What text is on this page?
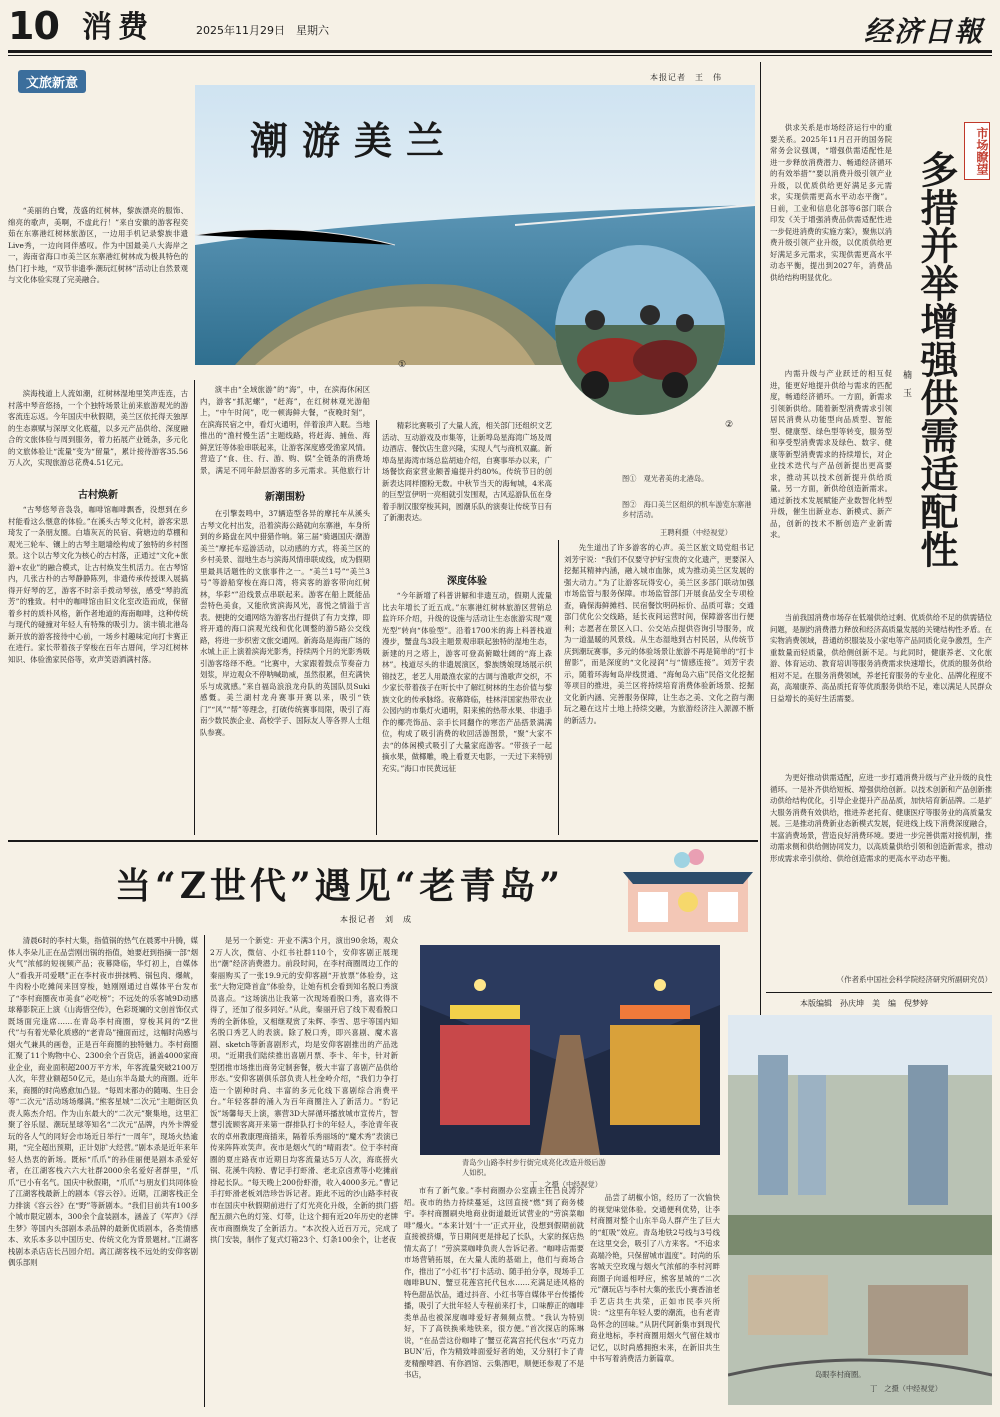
10 消费	2025年11月29日　星期六	经济日報
文旅新意	本报记者　王　伟
潮游美兰
①
②
“美丽的白鹭，茂盛的红树林，黎族漂亮的服饰、绵亮的歌声，美啊，不虚此行！”来自安徽的游客程奕茹在东寨港红树林旅游区，一边用手机记录黎族非遗Live秀，一边向同伴感叹。作为中国最美八大海岸之一，海南省海口市美兰区东寨港红树林成为极具特色的热门打卡地，“双节非遗季·潮玩红树林”活动让自然景观与文化体验实现了完美融合。
滨海栈道上人流如潮，红树林湿地里笑声连连，古村落中琴音悠扬，一个个独特场景让前来旅游观光的游客流连忘返。今年国庆中秋假期，美兰区依托得天独厚的生态禀赋与深厚文化底蕴，以多元产品供给、深度融合的文旅体验与周到服务，着力拓展产业链条，多元化的文旅体验让“流量”变为“留量”，累计接待游客35.56万人次，实现旅游总花费4.51亿元。
古村焕新
“古琴悠琴音袅袅，咖啡馆咖啡飘香，没想到在乡村能看这么惬意的体验。”在溪头古琴文化村，游客宋思琦发了一条朋友圈。白墙灰瓦的民宿、荷塘边的草棚和观光三轮车、镶上的古琴主题墙绘构成了独特的乡村图景。这个以古琴文化为核心的古村落，正通过“文化+旅游+农业”的融合模式，让古村焕发生机活力。在古琴馆内，几张古朴的古琴静静陈列，非遗传承传授课入展搞得开好琴的艺，游客不时亲手拨动琴弦，感受“琴韵流芳”的雅致。村中的咖啡馆由旧文化室改造而成，保留着乡村的质朴风格，新作者地道的海南咖啡，这种传统与现代的碰撞对年轻人有特殊的吸引力。演丰镇北港岛新开放的游客接待中心前，一场乡村趣味定向打卡赛正在进行。家长带着孩子穿梭在百年古厝间，学习红树林知识、体验渔家民俗等，欢声笑语洒满村落。
演丰由“全域旅游”的“海”，中，在滨海休闲区内，游客“抓泥螺”，“赶海”，在红树林观光游船上，“中午时间”，吃一顿海鲜大餐，“夜晚时刻”，在滨海民宿之中，看灯火通明，伴着浪声入眠。当地推出的“渔村慢生活”主题线路，将赶海、捕鱼、海鲜烹饪等体验串联起来，让游客深度感受渔家风情。营造了“食、住、行、游、购、娱”全链条的消费场景，满足不同年龄层游客的多元需求。其他旅行计
新潮围粉
在引擎轰鸣中，37辆造型各异的摩托车从溪头古琴文化村出发，沿着滨海公路就向东寨港，车身所到的乡路盘在风中猎猎作响。第三届“骑遇国庆·潮游美兰”摩托车巡游活动，以动感的方式，将美兰区的乡村美景、湿地生态与滨海风情串联成线，成为假期里最具话题性的文旅事件之一。“美兰1号”“美兰3号”等游船穿梭在海口湾，将宾客的游客带向红树林，华彩“”沿线景点串联起来。游客在船上既能品尝特色美食，又能欣赏滨海风光，喜悦之情溢于言表。便捷的交通网络为游客出行提供了有力支撑，即将开通的海口滨观光线和优化调整的游5路公交线路，将进一步织密文旅交通网。新海岛是海南广场的水城上正上演着滨海光影秀，持续两个月的光影秀吸引游客络绎不绝。“比赛中，大家跟着鼓点节奏奋力划浆，岸边观众不停呐喊助威，虽然很累，但充满快乐与成就感。”来自福岛浪浪龙舟队的英国队员Suki感慨。美兰湖村龙舟赛事开赛以来，吸引“铁门”“风”“帮”等理念，打破传统赛事局限，吸引了海南少数民族企业、高校学子、国际友人等各界人士组队参赛。
精彩比赛吸引了大量人流，相关部门还组织文艺活动、互动游戏及市集等，让新埠岛星海湾广场及周边酒店、餐饮店生意兴隆，实现人气与商机双赢。新埠岛星海湾市场总监胡迪介绍，自赛事举办以来，广场餐饮商家营业额普遍提升约80%。传统节日的创新表达同样圈粉无数。中秋节当天的海甸城，4米高的巨型宣伊明一亮相就引发围观，古风巡游队伍在身着手制汉服穿梭其间，圆潮乐队的演奏让传统节日有了新潮表达。
深度体验
“今年新增了科普讲解和非遗互动，假期人流量比去年增长了近五成。”东寨港红树林旅游区营销总监许环介绍，升级的设施与活动让生态旅游实现“观光型”转向“体验型”。沿着1700米的海上科普栈道漫步，蟹盘鸟3段主题景观串联起独特的湿地生态，新建的月之塔上，游客可登高俯瞰壮阔的“海上森林”。栈道尽头的非遗展演区，黎族绣娘现场展示织锦技艺，老艺人用最渔农家的古调与渔歌声交织，不少家长带着孩子在听长中了解红树林的生态价值与黎族文化的传承脉络。夜幕降临，桂林洋国家热带农业公园内的市集灯火通明，阳来熊的热带水果、非遗手作的椰壳饰品、亲手长同翻作的寒峦产品搭景满满位，构成了吸引消费的收回活游图景，“聚”大家不去“的体闲模式吸引了大量家庭游客。“带孩子一起摘水果，做椰雕，晚上看夏天电影，一天过下来特别充实。”海口市民黄远征
图①　观光者美的北港岛。
图②　海口美兰区组织的机车游览东寨港乡村活动。
王聘利摄（中经视觉）
先生道出了许多游客的心声。美兰区旅文局党组书记刘芳宇说：“我们不仅要守护好宝贵的文化遗产，更要深入挖掘其精神内涵，融入城市血脉，成为推动美兰区发展的强大动力。”为了让游客玩得安心，美兰区多部门联动加强市场监管与服务保障。市场监管部门开展食品安全专项检查，确保海鲜摊档、民宿餐饮明码标价、品质可靠；交通部门优化公交线路，延长夜间运营时间，保障游客出行便利；志愿者在景区入口、公交站点提供咨询引导服务，成为一道温暖的风景线。从生态湿地到古村民居，从传统节庆到潮玩赛事，多元的体验场景让旅游不再是简单的“打卡留影”，而是深度的“文化浸润”与“情感连接”。刘芳宇表示，随着环海甸岛岸线贯通、“海甸岛六庙”民俗文化挖掘等项目的推进，美兰区将持续培育消费体验新场景、挖掘文化新内涵、完善服务保障，让生态之美、文化之韵与潮玩之趣在这片土地上持续交融，为旅游经济注入源源不断的新活力。
市场瞭望
多措并举增强供需适配性
楠　玉
供求关系是市场经济运行中的重要关系。2025年11月召开的国务院常务会议强调，“增强供需适配性是进一步释放消费潜力、畅通经济循环的有效举措”“要以消费升级引领产业升级，以优质供给更好满足多元需求，实现供需更高水平动态平衡”。日前，工业和信息化部等6部门联合印发《关于增强消费品供需适配性进一步促进消费的实施方案》，聚焦以消费升级引领产业升级，以优质供给更好满足多元需求，实现供需更高水平动态平衡，提出到2027年，消费品供给结构明显优化。
内需升级与产业跃迁的相互促进，能更好地提升供给与需求的匹配度，畅通经济循环。一方面，新需求引领新供给。随着新型消费需求引领居民消费从功能型向品质型、智能型、健康型、绿色型等转变，服务型和享受型消费需求及绿色、数字、健康等新型消费需求的持续增长，对企业技术迭代与产品创新提出更高要求，推动其以技术创新提升供给质量。另一方面，新供给创造新需求。通过新技术发展赋能产业数智化转型升级，催生出新业态、新模式、新产品，创新的技术不断创造产业新需求。
当前我国消费市场存在低端供给过剩、优质供给不足的供需错位问题，是制约消费潜力释放和经济高质量发展的关键结构性矛盾。在实物消费领域，普通纺织服装及小家电等产品同质化竞争激烈，生产重数量而轻质量，供给侧创新不足。与此同时，健康养老、文化旅游、体育运动、教育培训等服务消费需求快速增长，优质的服务供给相对不足。在服务消费领域，养老托育服务的专业化、品牌化程度不高，高端康养、高品质托育等优质服务供给不足，难以满足人民群众日益增长的美好生活需要。
为更好推动供需适配，应进一步打通消费升级与产业升级的良性循环。一是补齐供给短板、增强供给创新。以技术创新和产品创新推动供给结构优化，引导企业提升产品品质，加快培育新品牌。二是扩大服务消费有效供给，推进养老托育、健康医疗等服务业的高质量发展。三是推动消费新业态新模式发展，促进线上线下消费深度融合，丰富消费场景，营造良好消费环境。要进一步完善供需对接机制，推动需求侧和供给侧协同发力，以高质量供给引领和创造新需求，推动形成需求牵引供给、供给创造需求的更高水平动态平衡。
（作者系中国社会科学院经济研究所副研究员）
本版编辑　孙庆坤　美　编　倪梦婷
当“Z世代”遇见“老青岛”
本报记者　刘　成
清晨6时的李村大集，指值锅的热气在晨雾中升腾，媒体人李朵儿正在品尝刚出锅的指值，她要赶到指摘一部“烟火气”浓郁的短视频产品；夜幕降临，华灯初上，自媒体人“看我开司爱喂”正在李村夜市拼抹鸭、锅包肉、爆鱿，牛肉粉小吃摊间来回穿梭，她刚刚通过自媒体平台发布了“李村商圈夜市美食”必吃榜”；不远处的乐客城9D动感球幕影院正上演《山海惜空传》，色彩斑斓的文创首饰仅式既场面完逢席……在青岛李村商圈，穿梭其间的“Z世代”与有着光晕化质感的“老青岛”撞面而过，这幅时尚感与烟火气兼具的画卷，正是百年商圈的独特魅力。李村商圈汇聚了11个购物中心、2300余个百货店，涵盖4000家商业企业，商业面积超200万平方米，年客流量突破2100万人次，年营业额超50亿元，是山东半岛最大的商圈。近年来，商圈的时尚感愈加凸显。“每周末都办的随喝、生日会等“二次元”活动场场爆满。”熊客星城“二次元”主题街区负责人陈杰介绍。作为山东最大的“二次元”聚集地，这里汇聚了谷乐屋、潮玩星球等知名“二次元”品牌，内外卡牌爱玩的各人气的同好会市场近日举行“一周年”，现场火热逾期，“完全超出预期，正计划扩大经营。”剧本杀是近年来年轻人热衷的新场。既标“爪爪”的孙佳丽便是剧本杀爱好者，在江湖客栈六六大社群2000余名爱好者群里，“爪爪”已小有名气。国庆中秋假期，“爪爪”与朋友们共同体验了江湖客栈最新上的剧本《容云谷》。近期，江湖客栈正全力排演《容云谷》在“野”等新剧本。“我们目前共有100多个城市限定剧本，300余个盒装剧本，涵盖了《军声》《浮生梦》等国内头部剧本杀品牌的最新优质剧本，各类情感本、欢乐本多以中国历史、传统文化为背景题材。”江湖客栈剧本杀店店长吕园介绍。离江湖客栈不远处的安仰客剧偶乐部则
是另一个新党：开业不满3个月，演出90余场，观众2万人次，微信、小红书社群110个，安仰客剧正展现出“潮”经济消费潜力。前段时间，在李村商圈周边工作的秦丽购买了一张19.9元的安仰客剧“开放票”体验券，这张“大物定降首盒”体验券，让她有机会看到知名脱口秀演员喜点。“这场演出让我第一次现场看脱口秀，喜欢得不得了，还加了很多同好。”从此，秦丽开启了线下观看脱口秀的全新体验，又相继观赏了朱辉、李雪、思宇等国内知名脱口秀艺人的表演。除了脱口秀，即兴喜剧、魔术喜剧、sketch等新喜剧形式，均是安仰客剧推出的产品选项。“近期我们陆续推出喜剧月票、李卡、年卡，针对新型团推市场推出商务定制套餐，极大丰富了喜剧产品供给形态。”安仰客剧俱乐部负责人杜金岭介绍，“我们力争打造一个剧种时尚、丰富的多元化线下喜剧综合消费平台。”年轻客群的涌入为百年商圈注入了新活力。“豹记饭”场馨每天上演，寨营3D大屏循环播放城市宣传片，智慧引流顾客离开来第一群排队打卡的年轻人，李沧青年夜农的卓州教康理商插来，隔着乐秀丽场的“魔术秀”表演已传来阵阵欢笑声。夜市是烟火气的“晴雨表”。位于李村商圈的夏庄路夜市近期日均客流量达5万人次，海底捞火锅、花溪牛肉粉、曹记手打虾滑、老北京卤煮等小吃摊前排起长队。“每天晚上200份虾滑，收入4000多元。”曹记手打虾滑老板刘浩珍告诉记者。距此不远的沙山路李村夜市在国庆中秋假期前进行了灯光亮化升级，全新的拱门搭配五颜六色的灯笼、灯带，让这个拥有近20年历史的老牌夜市商圈焕发了全新活力。“本次投入近百万元，完成了拱门安装，制作了复式灯箱23个、灯条100余个，让老夜
青岛少山路李村步行街完成亮化改造升级后游人如织。
丁　之摄（中经视觉）
市有了新气象。”李村商圈办公室副主任吕良涛介绍。夜市的热力持续蔓延，这回直接“燃”到了商务楼宇。李村商圈刷央地商业街道最近试营业的“劳滨菜咖啡”爆火。“本来计划‘十一’正式开业，没想到假期前就直接被挤爆，节日期间更是排起了长队，大家的探店热情太高了！”劳滨菜咖啡负责人告诉记者。“咖啡店需要市场营销拓展，在大量人流的基础上，他们与商场合作，推出了“小红书”打卡活动、随手拍分享，现场手工咖啡BUN、蟹豆花莲宫托代包水……充满足迹风格的特色甜品饮品，通过抖音、小红书等自媒体平台传播传播，吸引了大批年轻人专程前来打卡，口味醇正的咖啡类单品也被深度咖啡爱好者频频点赞。“我认为特别好，下了高铁换乘地铁来，很方便。”首次探店的陈琳说，“在品尝这份咖啡了‘蟹豆花嵩宫托代包水’‘巧克力BUN’后，作为精致啡面爱好者的她，又分别打卡了青麦精酿啤酒、有你酒馆、云集酒吧，顺便还参观了不是书店，
品尝了胡椒小馆，经历了一次愉快的视觉味觉体验。交通便利优势，让李村商圈对整个山东半岛人群产生了巨大的“虹吸”效应。青岛地铁2号线与3号线在这里交会，吸引了八方来客。“不追求高端冷艳，只保留城市温度”。时尚的乐客城天空玫瑰与烟火气浓郁的李村河畔商圈子向遥相呼应，熊客星城的“二次元”潮玩店与李村大集的张氏小赛香油老手艺店共生共荣，正如市民李兴所说：“这里有年轻人要的潮流，也有老青岛怀念的回味。”从阴代阿新集市到现代商业地标，李村商圈用烟火气留住城市记忆，以时尚感拥抱未来，在新旧共生中书写着消费活力新篇章。
岛眼李村商圈。
丁　之摄（中经视觉）
